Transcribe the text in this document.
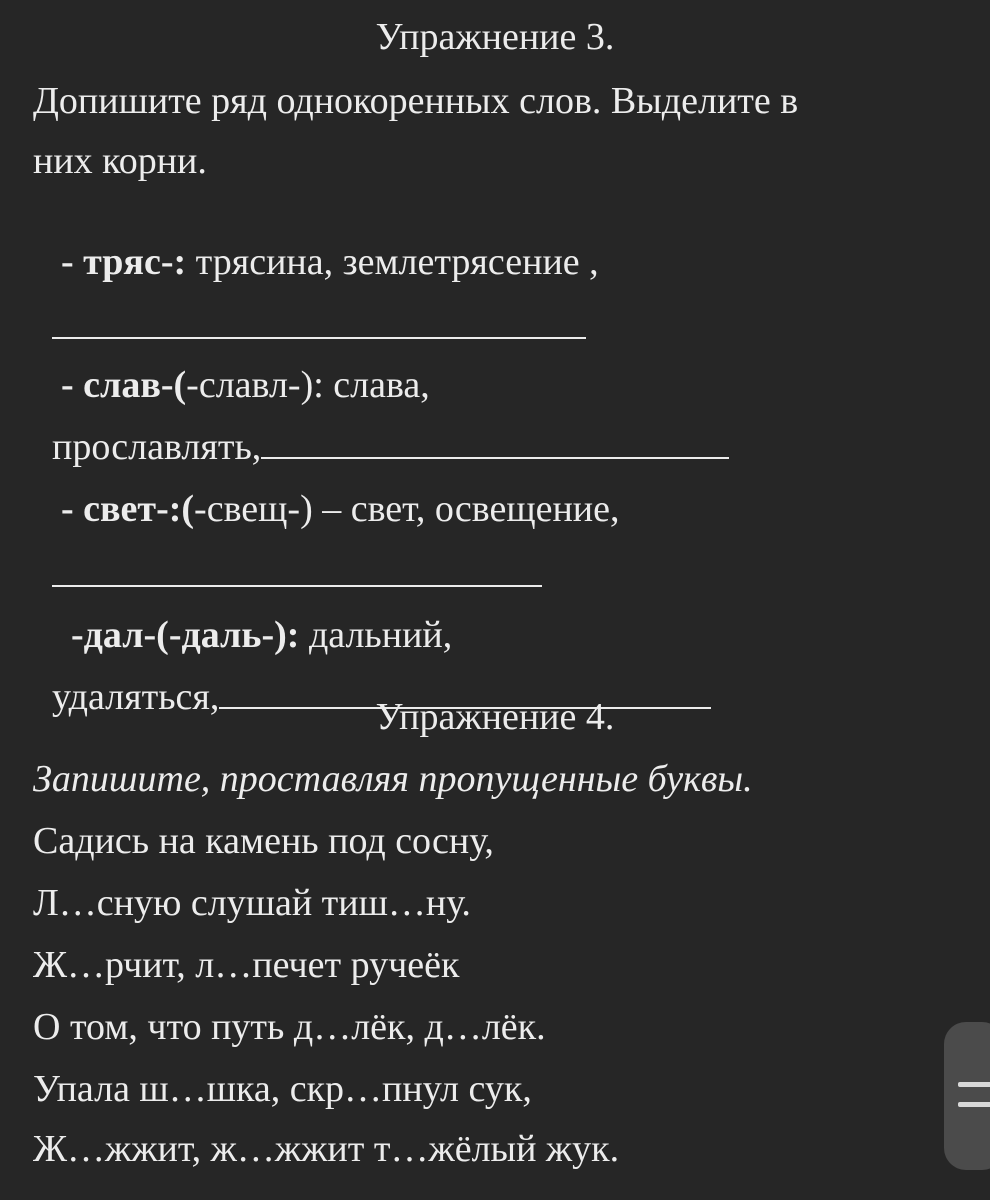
Упражнение 3.
Допишите ряд однокоренных слов. Выделите в
них корни.

- тряс-: трясина, землетрясение ,

- слав-(-славл-): слава,

прославлять,

- свет-:(-свещ-) – свет, освещение,

-дал-(-даль-): дальний,

удаляться,	Упражнение 4.
Запишите, проставляя пропущенные буквы.
Садись на камень под сосну,
Л…сную слушай тиш…ну.
Ж…рчит, л…печет ручеёк
О том, что путь д…лёк, д…лёк.
Упала ш…шка, скр…пнул сук,
Ж…жжит, ж…жжит т…жёлый жук.
